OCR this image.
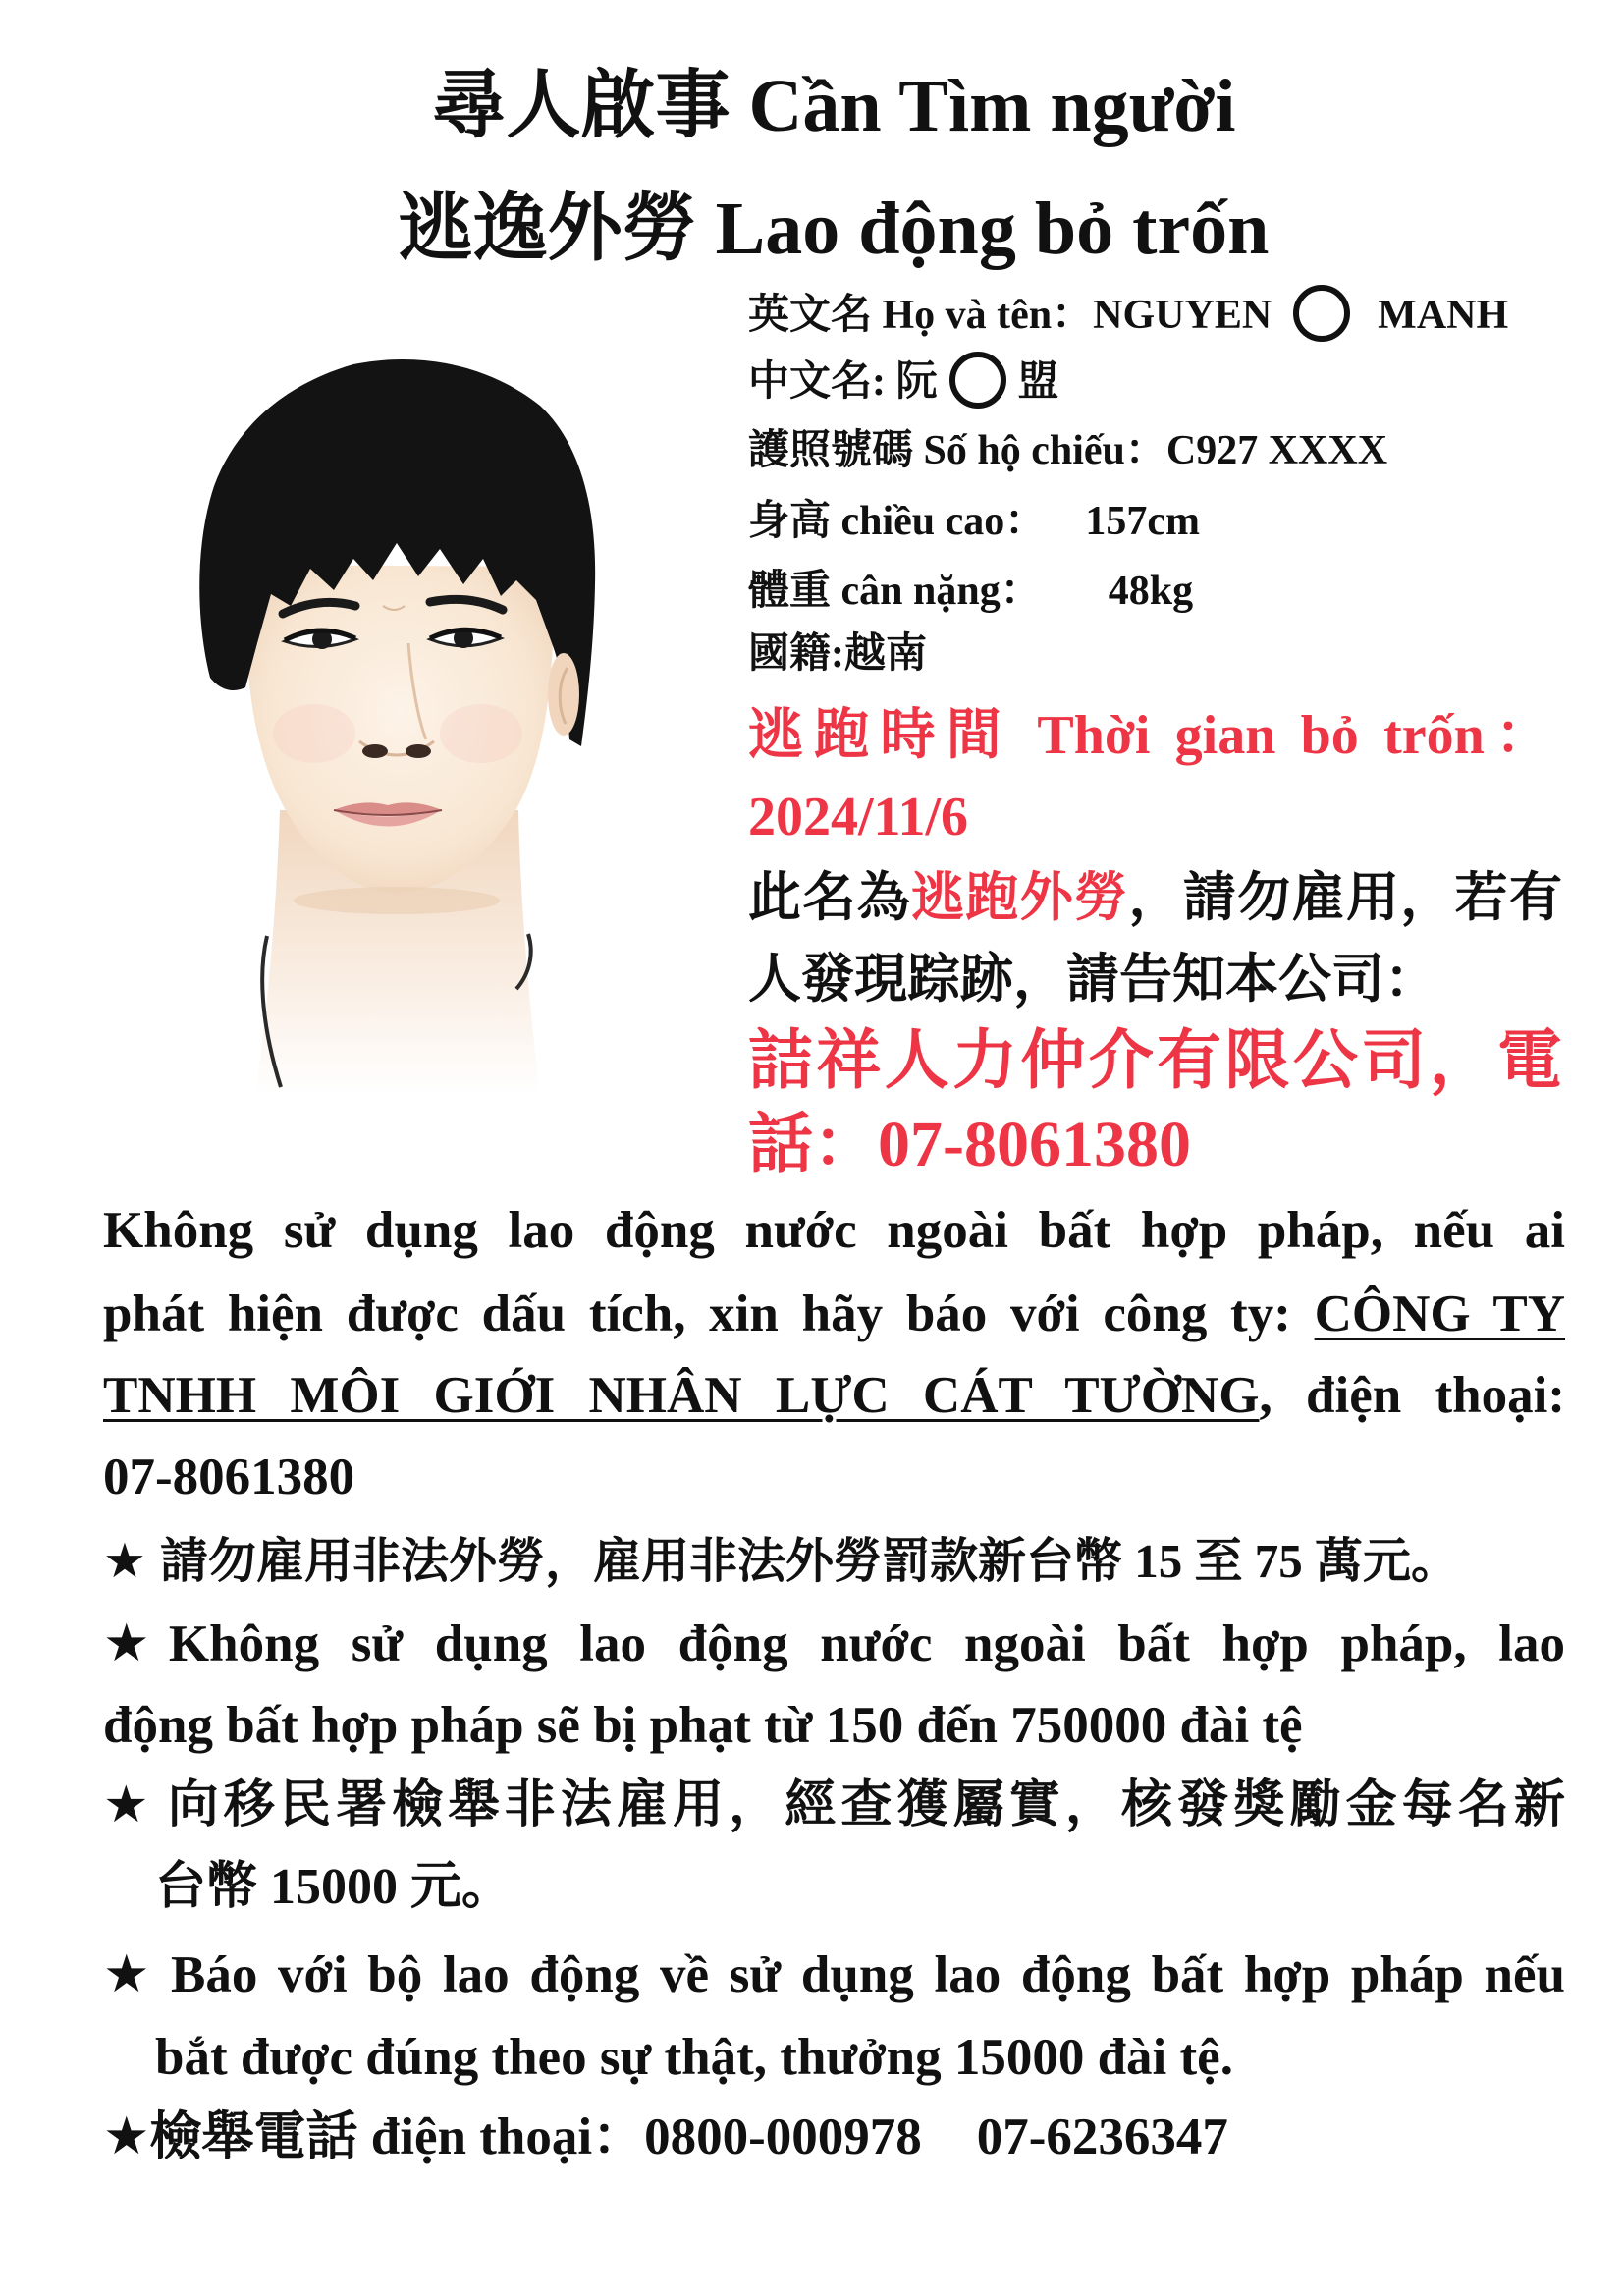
尋人啟事 Cần Tìm người
逃逸外勞 Lao động bỏ trốn
英文名 Họ và tên：NGUYEN	MANH
中文名: 阮 盟
護照號碼 Số hộ chiếu：C927 XXXX
身高 chiều cao： 157cm
體重 cân nặng： 48kg
國籍:越南
逃跑時間 Thời gian bỏ trốn：
2024/11/6
此名為逃跑外勞，請勿雇用，若有
人發現踪跡，請告知本公司：
詰祥人力仲介有限公司，電
話：07-8061380
Không sử dụng lao động nước ngoài bất hợp pháp, nếu ai
phát hiện được dấu tích, xin hãy báo với công ty: CÔNG TY
TNHH MÔI GIỚI NHÂN LỰC CÁT TƯỜNG, điện thoại:
07-8061380
★ 請勿雇用非法外勞，雇用非法外勞罰款新台幣 15 至 75 萬元。
★Không sử dụng lao động nước ngoài bất hợp pháp, lao
động bất hợp pháp sẽ bị phạt từ 150 đến 750000 đài tệ
★ 向移民署檢舉非法雇用，經查獲屬實，核發獎勵金每名新
台幣 15000 元。
★ Báo với bộ lao động về sử dụng lao động bất hợp pháp nếu
bắt được đúng theo sự thật, thưởng 15000 đài tệ.
★檢舉電話 điện thoại：0800-000978 07-6236347
